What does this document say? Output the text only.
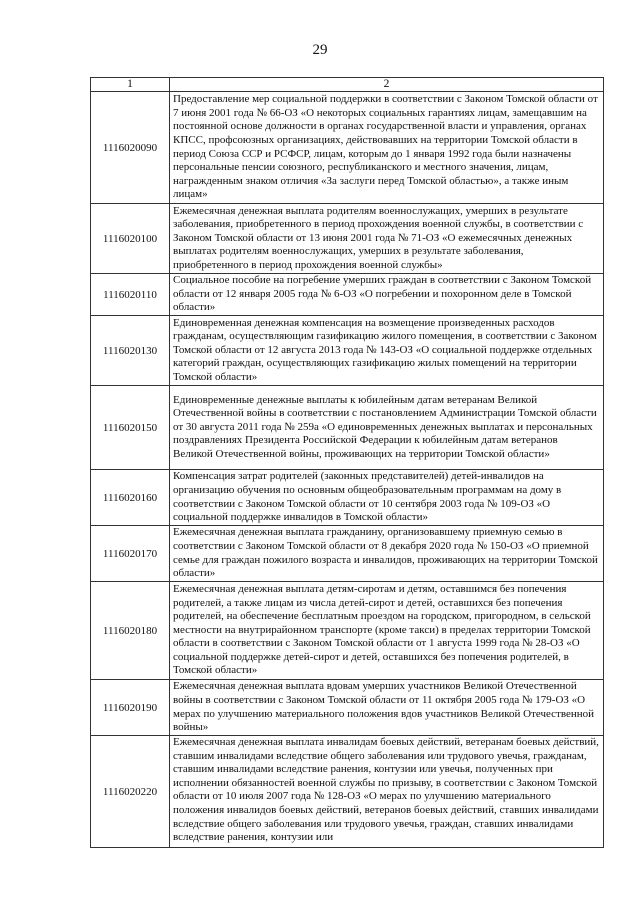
29
1	2
1116020090	Предоставление мер социальной поддержки в соответствии с Законом Томской области от 7 июня 2001 года № 66-ОЗ «О некоторых социальных гарантиях лицам, замещавшим на постоянной основе должности в органах государственной власти и управления, органах КПСС, профсоюзных организациях, действовавших на территории Томской области в период Союза ССР и РСФСР, лицам, которым до 1 января 1992 года были назначены персональные пенсии союзного, республиканского и местного значения, лицам, награжденным знаком отличия «За заслуги перед Томской областью», а также иным лицам»
1116020100	Ежемесячная денежная выплата родителям военнослужащих, умерших в результате заболевания, приобретенного в период прохождения военной службы, в соответствии с Законом Томской области от 13 июня 2001 года № 71-ОЗ «О ежемесячных денежных выплатах родителям военнослужащих, умерших в результате заболевания, приобретенного в период прохождения военной службы»
1116020110	Социальное пособие на погребение умерших граждан в соответствии с Законом Томской области от 12 января 2005 года № 6-ОЗ «О погребении и похоронном деле в Томской области»
1116020130	Единовременная денежная компенсация на возмещение произведенных расходов гражданам, осуществляющим газификацию жилого помещения, в соответствии с Законом Томской области от 12 августа 2013 года № 143-ОЗ «О социальной поддержке отдельных категорий граждан, осуществляющих газификацию жилых помещений на территории Томской области»
1116020150	Единовременные денежные выплаты к юбилейным датам ветеранам Великой Отечественной войны в соответствии с постановлением Администрации Томской области от 30 августа 2011 года № 259а «О единовременных денежных выплатах и персональных поздравлениях Президента Российской Федерации к юбилейным датам ветеранов Великой Отечественной войны, проживающих на территории Томской области»
1116020160	Компенсация затрат родителей (законных представителей) детей-инвалидов на организацию обучения по основным общеобразовательным программам на дому в соответствии с Законом Томской области от 10 сентября 2003 года № 109-ОЗ «О социальной поддержке инвалидов в Томской области»
1116020170	Ежемесячная денежная выплата гражданину, организовавшему приемную семью в соответствии с Законом Томской области от 8 декабря 2020 года № 150-ОЗ «О приемной семье для граждан пожилого возраста и инвалидов, проживающих на территории Томской области»
1116020180	Ежемесячная денежная выплата детям-сиротам и детям, оставшимся без попечения родителей, а также лицам из числа детей-сирот и детей, оставшихся без попечения родителей, на обеспечение бесплатным проездом на городском, пригородном, в сельской местности на внутрирайонном транспорте (кроме такси) в пределах территории Томской области в соответствии с Законом Томской области от 1 августа 1999 года № 28-ОЗ «О социальной поддержке детей-сирот и детей, оставшихся без попечения родителей, в Томской области»
1116020190	Ежемесячная денежная выплата вдовам умерших участников Великой Отечественной войны в соответствии с Законом Томской области от 11 октября 2005 года № 179-ОЗ «О мерах по улучшению материального положения вдов участников Великой Отечественной войны»
1116020220	Ежемесячная денежная выплата инвалидам боевых действий, ветеранам боевых действий, ставшим инвалидами вследствие общего заболевания или трудового увечья, гражданам, ставшим инвалидами вследствие ранения, контузии или увечья, полученных при исполнении обязанностей военной службы по призыву, в соответствии с Законом Томской области от 10 июля 2007 года № 128-ОЗ «О мерах по улучшению материального положения инвалидов боевых действий, ветеранов боевых действий, ставших инвалидами вследствие общего заболевания или трудового увечья, граждан, ставших инвалидами вследствие ранения, контузии или
